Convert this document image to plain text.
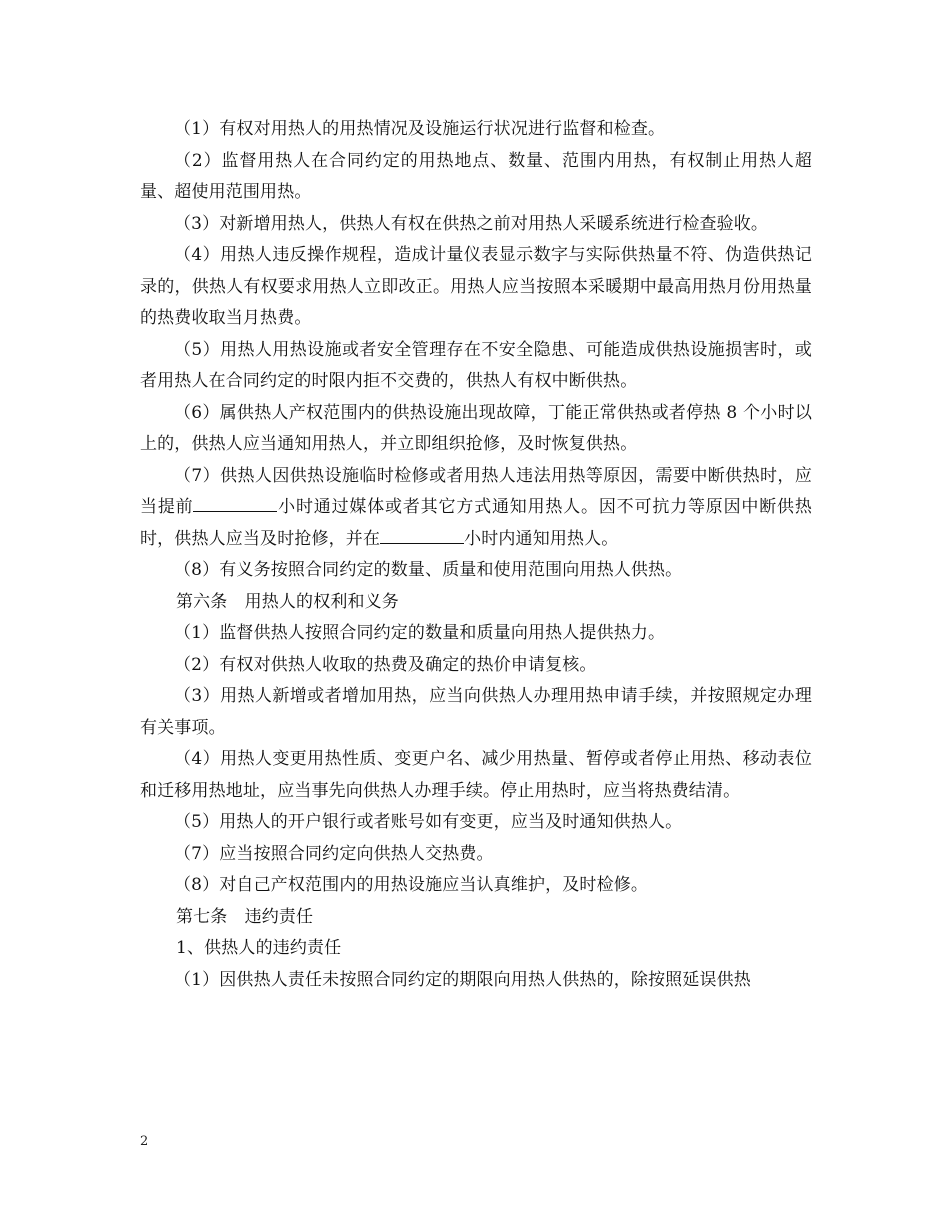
（1）有权对用热人的用热情况及设施运行状况进行监督和检查。

（2）监督用热人在合同约定的用热地点、数量、范围内用热，有权制止用热人超量、超使用范围用热。

（3）对新增用热人，供热人有权在供热之前对用热人采暖系统进行检查验收。

（4）用热人违反操作规程，造成计量仪表显示数字与实际供热量不符、伪造供热记录的，供热人有权要求用热人立即改正。用热人应当按照本采暖期中最高用热月份用热量的热费收取当月热费。

（5）用热人用热设施或者安全管理存在不安全隐患、可能造成供热设施损害时，或者用热人在合同约定的时限内拒不交费的，供热人有权中断供热。

（6）属供热人产权范围内的供热设施出现故障，丁能正常供热或者停热 8 个小时以上的，供热人应当通知用热人，并立即组织抢修，及时恢复供热。

（7）供热人因供热设施临时检修或者用热人违法用热等原因，需要中断供热时，应当提前	小时通过媒体或者其它方式通知用热人。因不可抗力等原因中断供热时，供热人应当及时抢修，并在	小时内通知用热人。

（8）有义务按照合同约定的数量、质量和使用范围向用热人供热。

第六条　用热人的权利和义务

（1）监督供热人按照合同约定的数量和质量向用热人提供热力。

（2）有权对供热人收取的热费及确定的热价申请复核。

（3）用热人新增或者增加用热，应当向供热人办理用热申请手续，并按照规定办理有关事项。

（4）用热人变更用热性质、变更户名、减少用热量、暂停或者停止用热、移动表位和迁移用热地址，应当事先向供热人办理手续。停止用热时，应当将热费结清。

（5）用热人的开户银行或者账号如有变更，应当及时通知供热人。

（7）应当按照合同约定向供热人交热费。

（8）对自己产权范围内的用热设施应当认真维护，及时检修。

第七条　违约责任

1、供热人的违约责任

（1）因供热人责任未按照合同约定的期限向用热人供热的，除按照延误供热

2
